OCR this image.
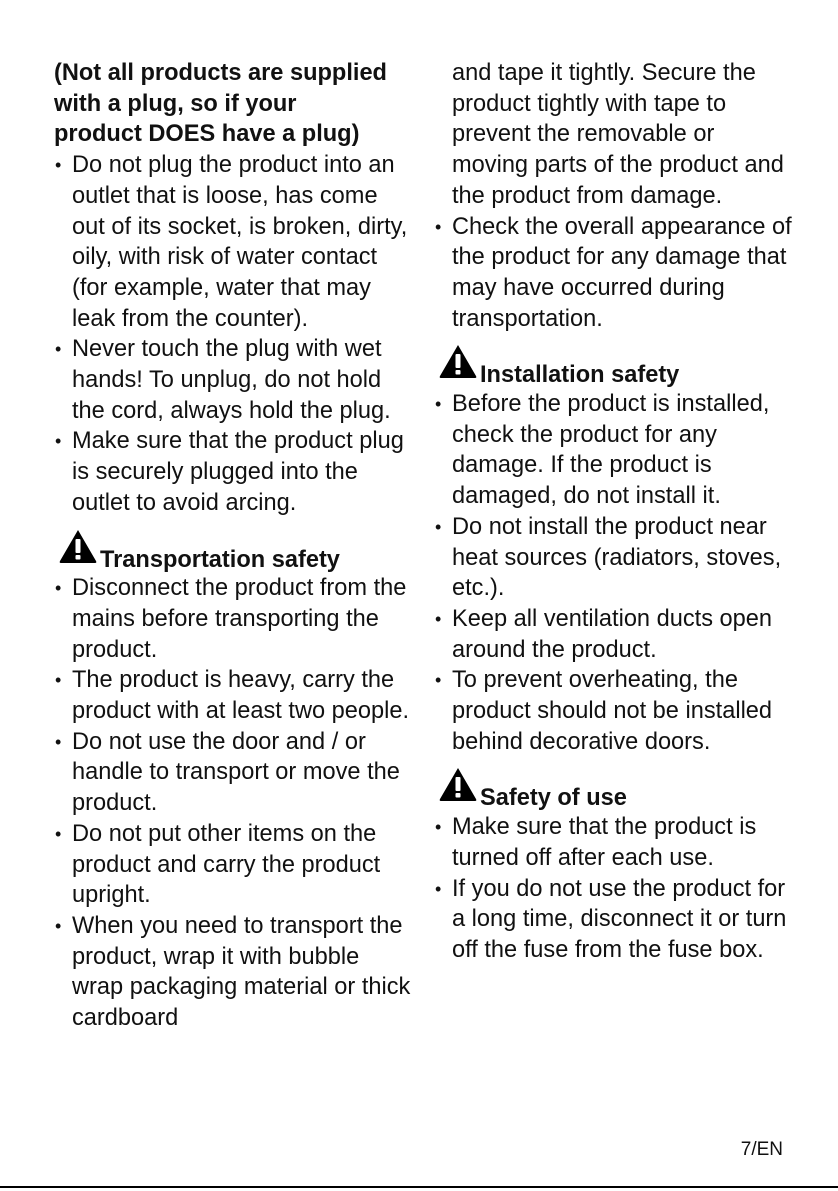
(Not all products are supplied

with a plug, so if your

product DOES have a plug)

• Do not plug the product into an outlet that is loose, has come out of its socket, is broken, dirty, oily, with risk of water contact (for example, water that may leak from the counter).
• Never touch the plug with wet hands! To unplug, do not hold the cord, always hold the plug.
• Make sure that the product plug is securely plugged into the outlet to avoid arcing.
Transportation safety
• Disconnect the product from the mains before transporting the product.
• The product is heavy, carry the product with at least two people.
• Do not use the door and / or handle to transport or move the product.
• Do not put other items on the product and carry the product upright.
• When you need to transport the product, wrap it with bubble wrap packaging material or thick cardboard

and tape it tightly. Secure the product tightly with tape to prevent the removable or moving parts of the product and the product from damage.

• Check the overall appearance of the product for any damage that may have occurred during transportation.
Installation safety
• Before the product is installed, check the product for any damage. If the product is damaged, do not install it.
• Do not install the product near heat sources (radiators, stoves, etc.).
• Keep all ventilation ducts open around the product.
• To prevent overheating, the product should not be installed behind decorative doors.
Safety of use
• Make sure that the product is turned off after each use.
• If you do not use the product for a long time, disconnect it or turn off the fuse from the fuse box.
7/EN
